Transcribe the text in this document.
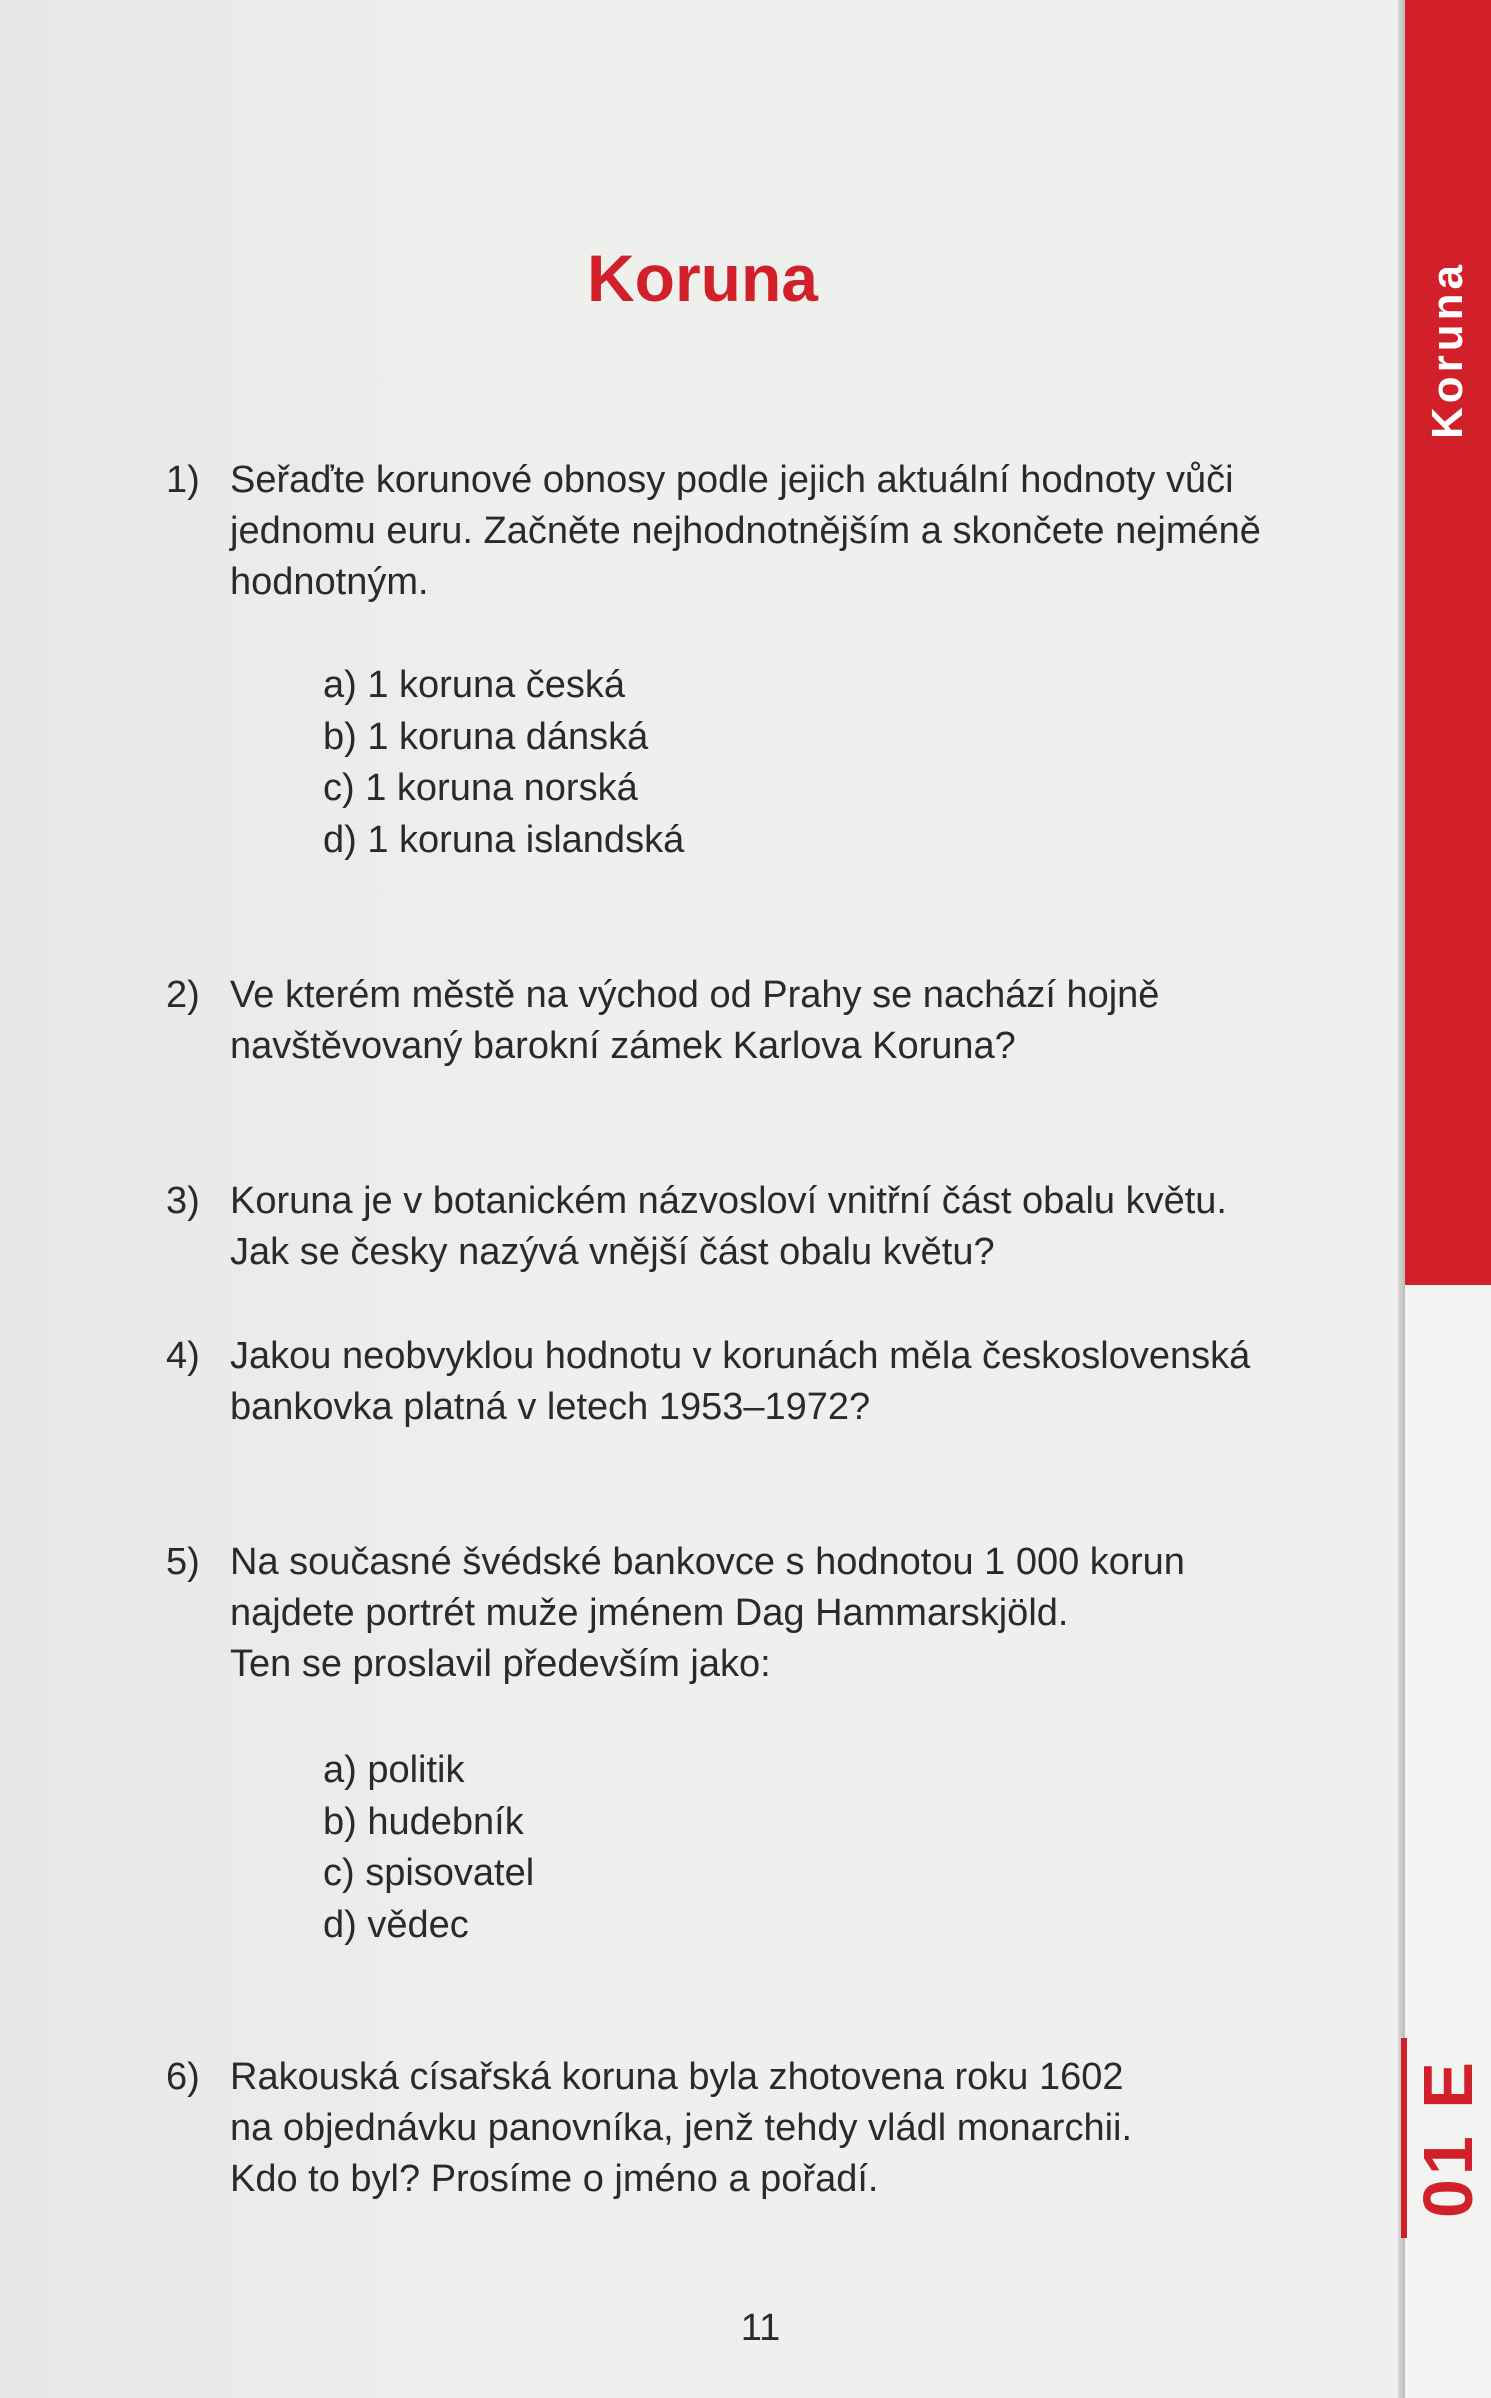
Koruna
01 E
Koruna
1) Seřaďte korunové obnosy podle jejich aktuální hodnoty vůči
jednomu euru. Začněte nejhodnotnějším a skončete nejméně
hodnotným.
a) 1 koruna česká
b) 1 koruna dánská
c) 1 koruna norská
d) 1 koruna islandská
2) Ve kterém městě na východ od Prahy se nachází hojně
navštěvovaný barokní zámek Karlova Koruna?
3) Koruna je v botanickém názvosloví vnitřní část obalu květu.
Jak se česky nazývá vnější část obalu květu?
4) Jakou neobvyklou hodnotu v korunách měla československá
bankovka platná v letech 1953–1972?
5) Na současné švédské bankovce s hodnotou 1 000 korun
najdete portrét muže jménem Dag Hammarskjöld.
Ten se proslavil především jako:
a) politik
b) hudebník
c) spisovatel
d) vědec
6) Rakouská císařská koruna byla zhotovena roku 1602
na objednávku panovníka, jenž tehdy vládl monarchii.
Kdo to byl? Prosíme o jméno a pořadí.
11
